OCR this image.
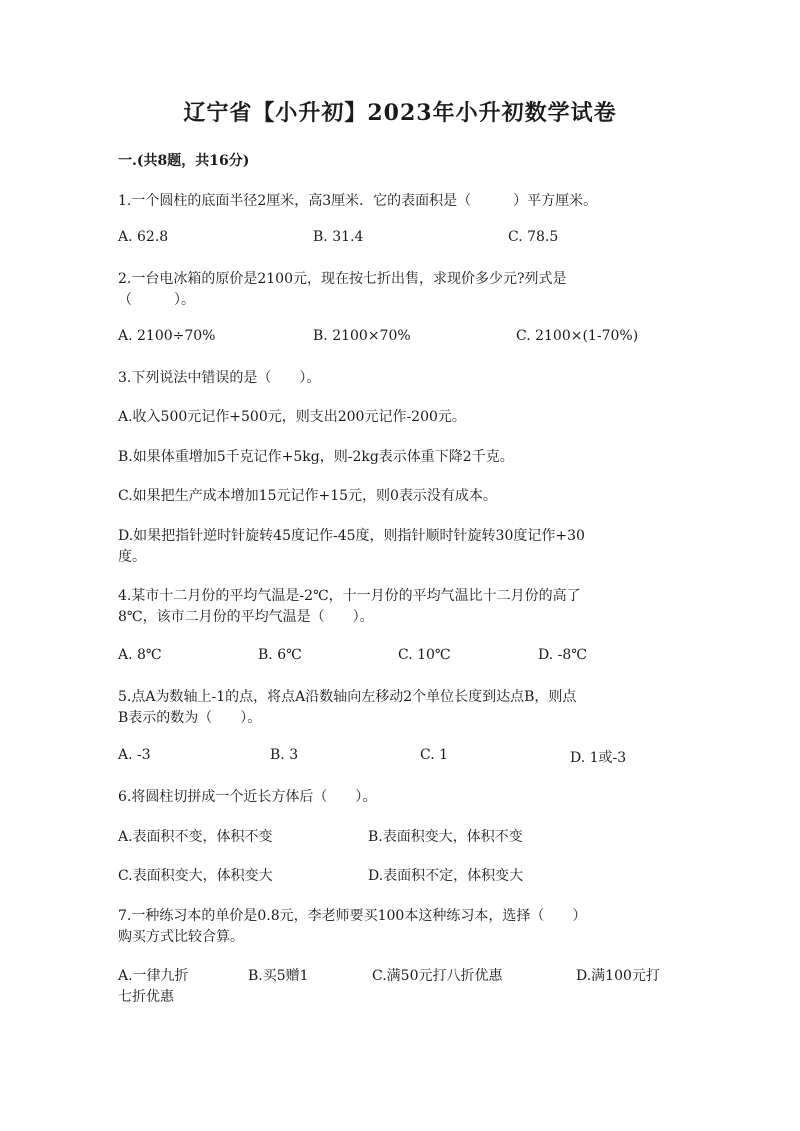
辽宁省【小升初】2023年小升初数学试卷
一.(共8题，共16分)
1.一个圆柱的底面半径2厘米，高3厘米．它的表面积是（　　　）平方厘米。
A. 62.8	B. 31.4	C. 78.5
2.一台电冰箱的原价是2100元，现在按七折出售，求现价多少元?列式是
（　　　）。
A. 2100÷70%	B. 2100×70%	C. 2100×(1-70%)
3.下列说法中错误的是（　　）。
A.收入500元记作+500元，则支出200元记作-200元。
B.如果体重增加5千克记作+5kg，则-2kg表示体重下降2千克。
C.如果把生产成本增加15元记作+15元，则0表示没有成本。
D.如果把指针逆时针旋转45度记作-45度，则指针顺时针旋转30度记作+30
度。
4.某市十二月份的平均气温是-2℃，十一月份的平均气温比十二月份的高了
8℃，该市二月份的平均气温是（　　）。
A. 8℃	B. 6℃	C. 10℃	D. -8℃
5.点A为数轴上-1的点，将点A沿数轴向左移动2个单位长度到达点B，则点
B表示的数为（　　）。
A. -3	B. 3	C. 1	D. 1或-3
6.将圆柱切拼成一个近长方体后（　　）。
A.表面积不变，体积不变	B.表面积变大，体积不变
C.表面积变大，体积变大	D.表面积不定，体积变大
7.一种练习本的单价是0.8元，李老师要买100本这种练习本，选择（　　）
购买方式比较合算。
A.一律九折	B.买5赠1	C.满50元打八折优惠	D.满100元打
七折优惠
